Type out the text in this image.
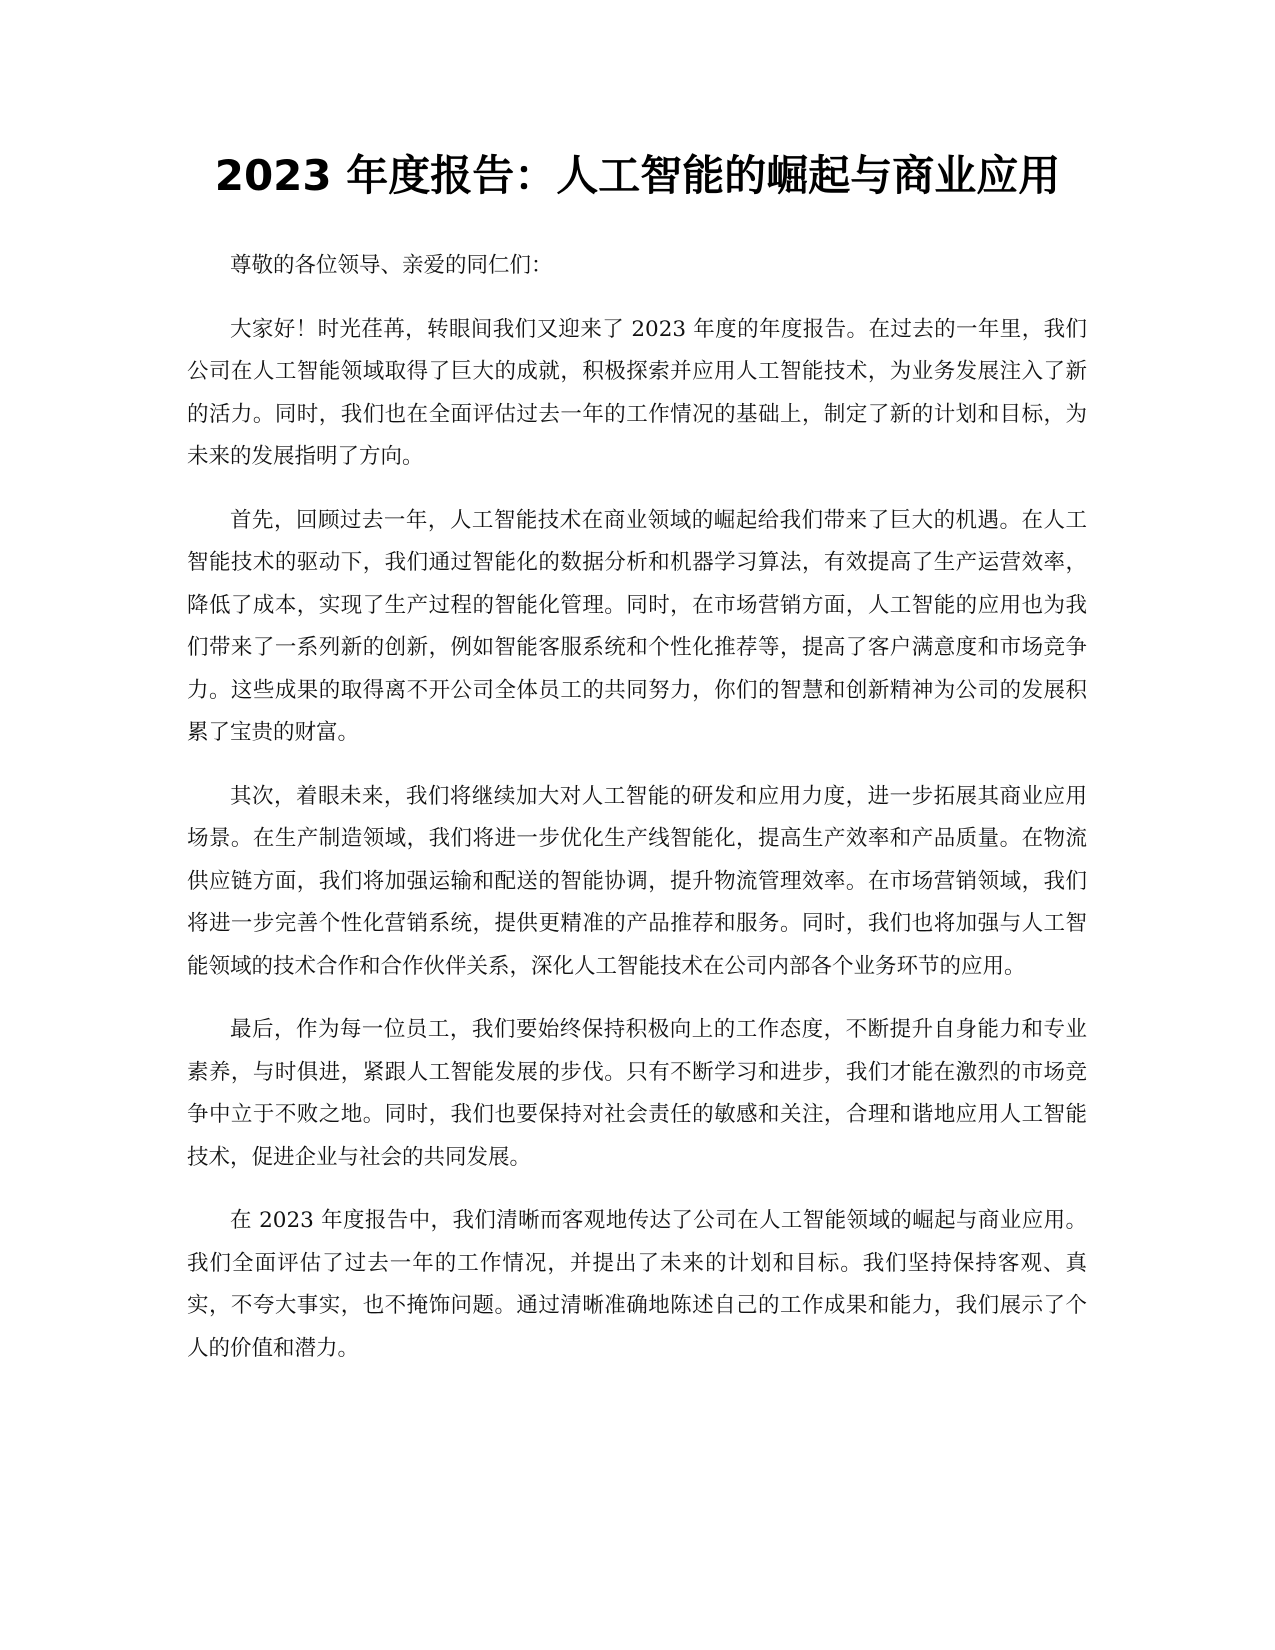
2023 年度报告：人工智能的崛起与商业应用

尊敬的各位领导、亲爱的同仁们：

大家好！时光荏苒，转眼间我们又迎来了 2023 年度的年度报告。在过去的一年里，我们公司在人工智能领域取得了巨大的成就，积极探索并应用人工智能技术，为业务发展注入了新的活力。同时，我们也在全面评估过去一年的工作情况的基础上，制定了新的计划和目标，为未来的发展指明了方向。

首先，回顾过去一年，人工智能技术在商业领域的崛起给我们带来了巨大的机遇。在人工智能技术的驱动下，我们通过智能化的数据分析和机器学习算法，有效提高了生产运营效率，降低了成本，实现了生产过程的智能化管理。同时，在市场营销方面，人工智能的应用也为我们带来了一系列新的创新，例如智能客服系统和个性化推荐等，提高了客户满意度和市场竞争力。这些成果的取得离不开公司全体员工的共同努力，你们的智慧和创新精神为公司的发展积累了宝贵的财富。

其次，着眼未来，我们将继续加大对人工智能的研发和应用力度，进一步拓展其商业应用场景。在生产制造领域，我们将进一步优化生产线智能化，提高生产效率和产品质量。在物流供应链方面，我们将加强运输和配送的智能协调，提升物流管理效率。在市场营销领域，我们将进一步完善个性化营销系统，提供更精准的产品推荐和服务。同时，我们也将加强与人工智能领域的技术合作和合作伙伴关系，深化人工智能技术在公司内部各个业务环节的应用。

最后，作为每一位员工，我们要始终保持积极向上的工作态度，不断提升自身能力和专业素养，与时俱进，紧跟人工智能发展的步伐。只有不断学习和进步，我们才能在激烈的市场竞争中立于不败之地。同时，我们也要保持对社会责任的敏感和关注，合理和谐地应用人工智能技术，促进企业与社会的共同发展。

在 2023 年度报告中，我们清晰而客观地传达了公司在人工智能领域的崛起与商业应用。我们全面评估了过去一年的工作情况，并提出了未来的计划和目标。我们坚持保持客观、真实，不夸大事实，也不掩饰问题。通过清晰准确地陈述自己的工作成果和能力，我们展示了个人的价值和潜力。
